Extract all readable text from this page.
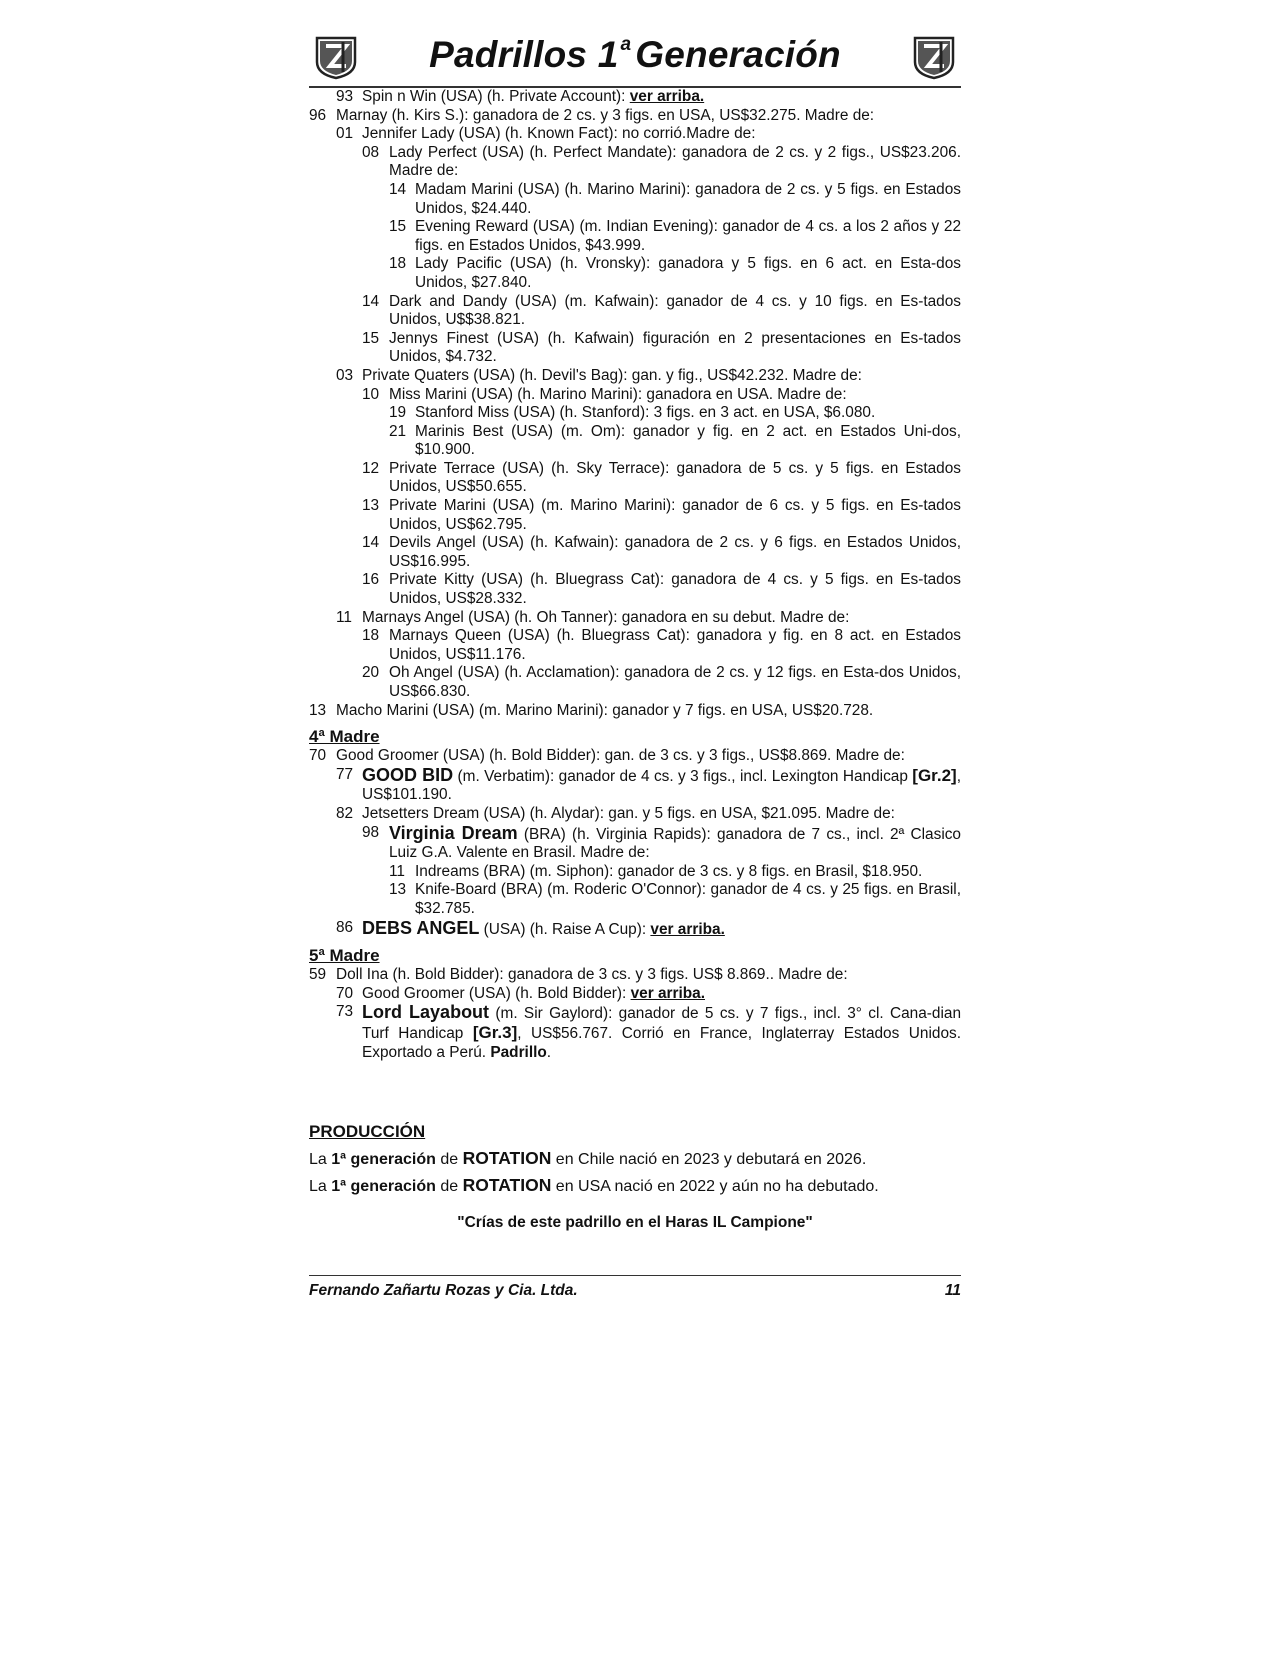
Padrillos 1 $^a$ Generación
93 Spin n Win (USA) (h. Private Account): ver arriba.
96 Marnay (h. Kirs S.): ganadora de 2 cs. y 3 figs. en USA, US$32.275. Madre de:
01 Jennifer Lady (USA) (h. Known Fact): no corrió.Madre de:
08 Lady Perfect (USA) (h. Perfect Mandate): ganadora de 2 cs. y 2 figs., US$23.206. Madre de:
14 Madam Marini (USA) (h. Marino Marini): ganadora de 2 cs. y 5 figs. en Estados Unidos, $24.440.
15 Evening Reward (USA) (m. Indian Evening): ganador de 4 cs. a los 2 años y 22 figs. en Estados Unidos, $43.999.
18 Lady Pacific (USA) (h. Vronsky): ganadora y 5 figs. en 6 act. en Esta-dos Unidos, $27.840.
14 Dark and Dandy (USA) (m. Kafwain): ganador de 4 cs. y 10 figs. en Es-tados Unidos, U$$38.821.
15 Jennys Finest (USA) (h. Kafwain) figuración en 2 presentaciones en Es-tados Unidos, $4.732.
03 Private Quaters (USA) (h. Devil's Bag): gan. y fig., US$42.232. Madre de:
10 Miss Marini (USA) (h. Marino Marini): ganadora en USA. Madre de:
19 Stanford Miss (USA) (h. Stanford): 3 figs. en 3 act. en USA, $6.080.
21 Marinis Best (USA) (m. Om): ganador y fig. en 2 act. en Estados Uni-dos, $10.900.
12 Private Terrace (USA) (h. Sky Terrace): ganadora de 5 cs. y 5 figs. en Estados Unidos, US$50.655.
13 Private Marini (USA) (m. Marino Marini): ganador de 6 cs. y 5 figs. en Es-tados Unidos, US$62.795.
14 Devils Angel (USA) (h. Kafwain): ganadora de 2 cs. y 6 figs. en Estados Unidos, US$16.995.
16 Private Kitty (USA) (h. Bluegrass Cat): ganadora de 4 cs. y 5 figs. en Es-tados Unidos, US$28.332.
11 Marnays Angel (USA) (h. Oh Tanner): ganadora en su debut. Madre de:
18 Marnays Queen (USA) (h. Bluegrass Cat): ganadora y fig. en 8 act. en Estados Unidos, US$11.176.
20 Oh Angel (USA) (h. Acclamation): ganadora de 2 cs. y 12 figs. en Esta-dos Unidos, US$66.830.
13 Macho Marini (USA) (m. Marino Marini): ganador y 7 figs. en USA, US$20.728.
4ª Madre
70 Good Groomer (USA) (h. Bold Bidder): gan. de 3 cs. y 3 figs., US$8.869. Madre de:
77 GOOD BID (m. Verbatim): ganador de 4 cs. y 3 figs., incl. Lexington Handicap [Gr.2], US$101.190.
82 Jetsetters Dream (USA) (h. Alydar): gan. y 5 figs. en USA, $21.095. Madre de:
98 Virginia Dream (BRA) (h. Virginia Rapids): ganadora de 7 cs., incl. 2ª Clasico Luiz G.A. Valente en Brasil. Madre de:
11 Indreams (BRA) (m. Siphon): ganador de 3 cs. y 8 figs. en Brasil, $18.950.
13 Knife-Board (BRA) (m. Roderic O'Connor): ganador de 4 cs. y 25 figs. en Brasil, $32.785.
86 DEBS ANGEL (USA) (h. Raise A Cup): ver arriba.
5ª Madre
59 Doll Ina (h. Bold Bidder): ganadora de 3 cs. y 3 figs. US$ 8.869.. Madre de:
70 Good Groomer (USA) (h. Bold Bidder): ver arriba.
73 Lord Layabout (m. Sir Gaylord): ganador de 5 cs. y 7 figs., incl. 3° cl. Cana-dian Turf Handicap [Gr.3], US$56.767. Corrió en France, Inglaterray Estados Unidos. Exportado a Perú. Padrillo.
PRODUCCIÓN
La 1ª generación de ROTATION en Chile nació en 2023 y debutará en 2026.
La 1ª generación de ROTATION en USA nació en 2022 y aún no ha debutado.
"Crías de este padrillo en el Haras IL Campione"
Fernando Zañartu Rozas y Cia. Ltda.	11
